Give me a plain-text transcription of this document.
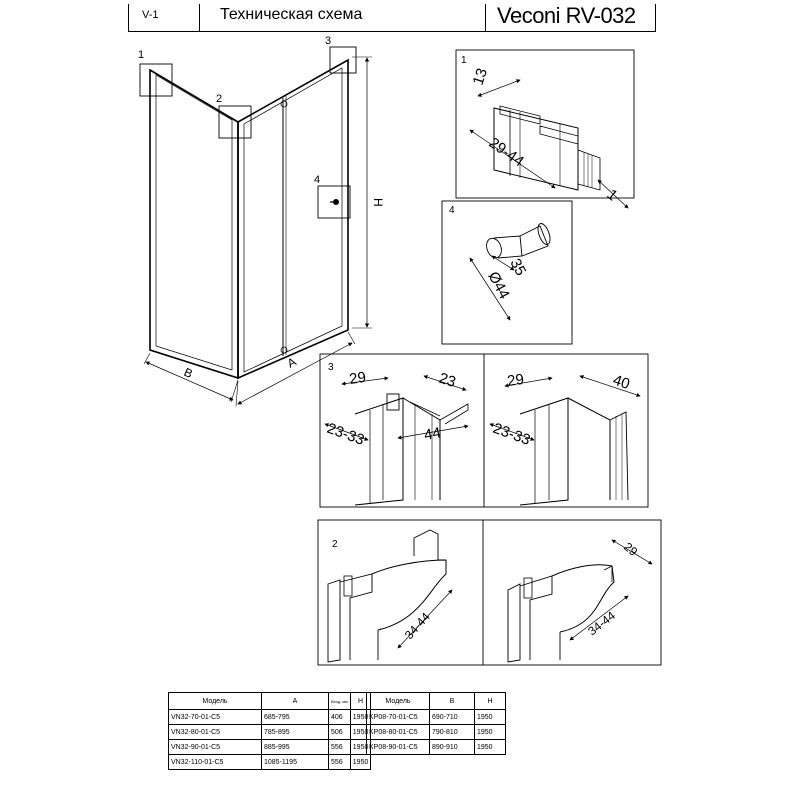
V-1	Техническая схема	Veconi RV-032
1
2
3
4
H
B
A
1
13
29-44
1
4
35
Ø44
3
29	23
23-33	44
29	40
23-33
2
34-44
29
34-44
Модель	A	Вход, мм	H
VN32-70-01-C5	685-795	406	1950
VN32-80-01-C5	785-895	506	1950
VN32-90-01-C5	885-995	556	1950
VN32-110-01-C5	1085-1195	556	1950
Модель	B	H
KP08-70-01-C5	690-710	1950
KP08-80-01-C5	790-810	1950
KP08-90-01-C5	890-910	1950
